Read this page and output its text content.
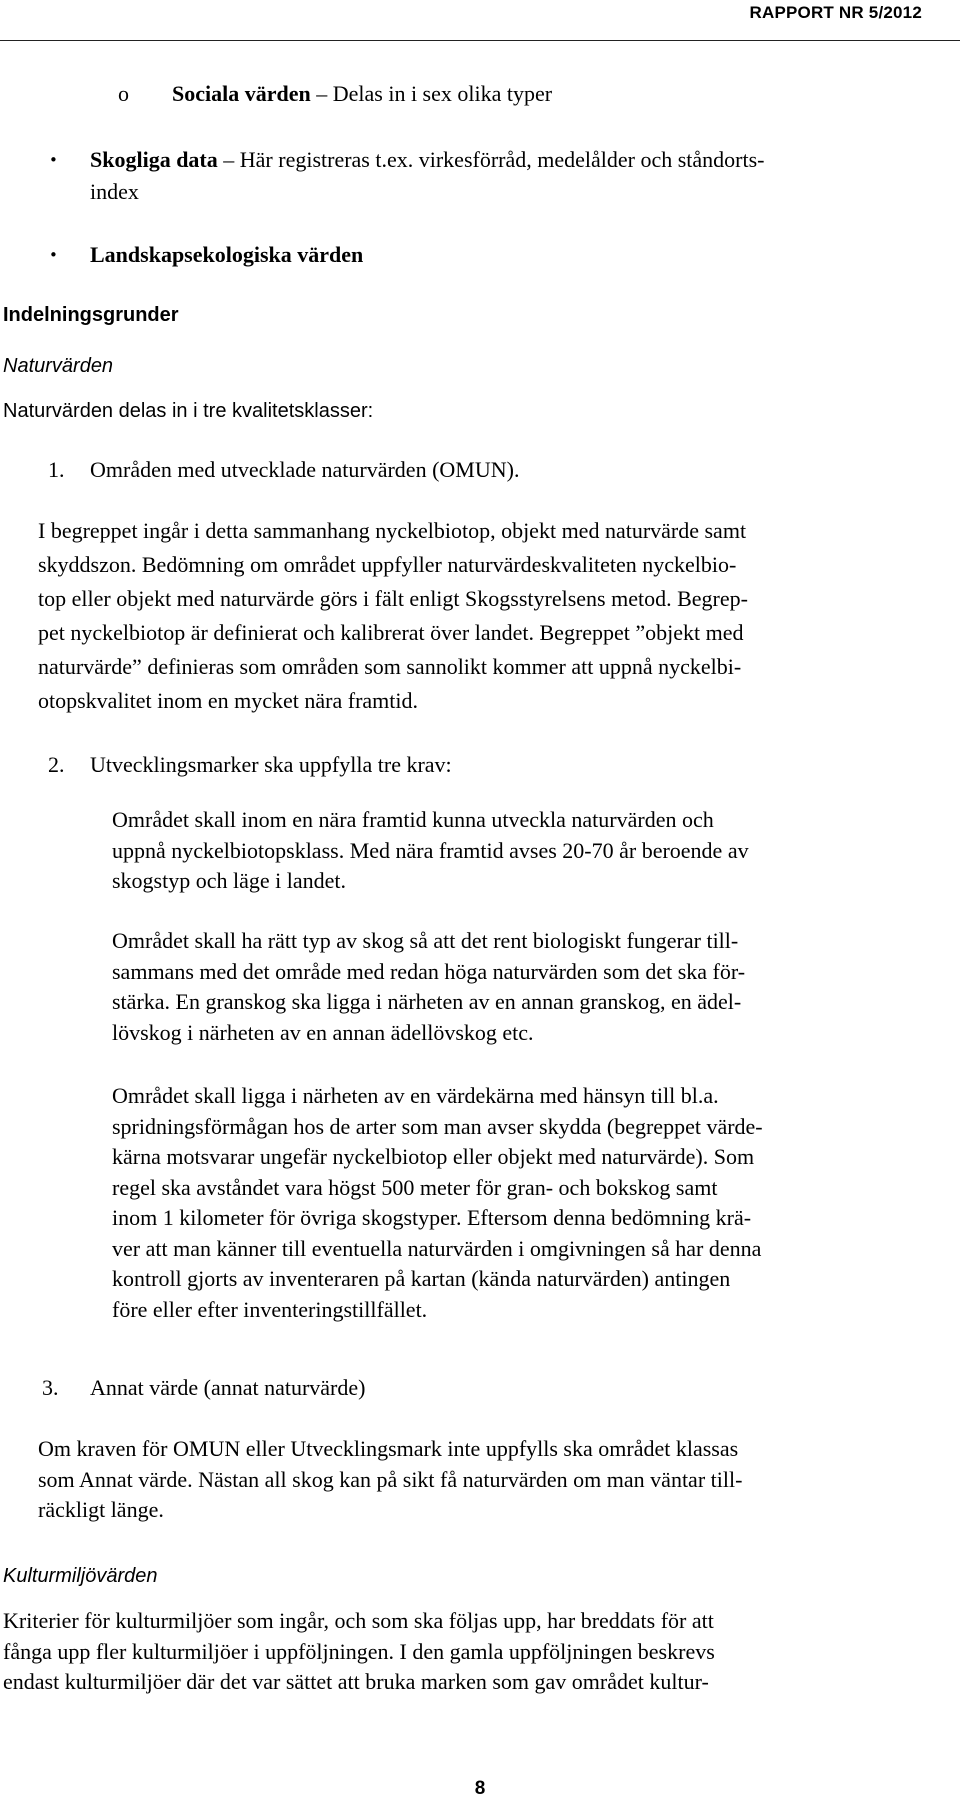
RAPPORT NR 5/2012
o Sociala värden – Delas in i sex olika typer
• Skogliga data – Här registreras t.ex. virkesförråd, medelålder och ståndorts-
index
• Landskapsekologiska värden
Indelningsgrunder
Naturvärden
Naturvärden delas in i tre kvalitetsklasser:
1. Områden med utvecklade naturvärden (OMUN).
I begreppet ingår i detta sammanhang nyckelbiotop, objekt med naturvärde samt
skyddszon. Bedömning om området uppfyller naturvärdeskvaliteten nyckelbio-
top eller objekt med naturvärde görs i fält enligt Skogsstyrelsens metod. Begrep-
pet nyckelbiotop är definierat och kalibrerat över landet. Begreppet ”objekt med
naturvärde” definieras som områden som sannolikt kommer att uppnå nyckelbi-
otopskvalitet inom en mycket nära framtid.
2. Utvecklingsmarker ska uppfylla tre krav:
Området skall inom en nära framtid kunna utveckla naturvärden och
uppnå nyckelbiotopsklass. Med nära framtid avses 20-70 år beroende av
skogstyp och läge i landet.
Området skall ha rätt typ av skog så att det rent biologiskt fungerar till-
sammans med det område med redan höga naturvärden som det ska för-
stärka. En granskog ska ligga i närheten av en annan granskog, en ädel-
lövskog i närheten av en annan ädellövskog etc.
Området skall ligga i närheten av en värdekärna med hänsyn till bl.a.
spridningsförmågan hos de arter som man avser skydda (begreppet värde-
kärna motsvarar ungefär nyckelbiotop eller objekt med naturvärde). Som
regel ska avståndet vara högst 500 meter för gran- och bokskog samt
inom 1 kilometer för övriga skogstyper. Eftersom denna bedömning krä-
ver att man känner till eventuella naturvärden i omgivningen så har denna
kontroll gjorts av inventeraren på kartan (kända naturvärden) antingen
före eller efter inventeringstillfället.
3. Annat värde (annat naturvärde)
Om kraven för OMUN eller Utvecklingsmark inte uppfylls ska området klassas
som Annat värde. Nästan all skog kan på sikt få naturvärden om man väntar till-
räckligt länge.
Kulturmiljövärden
Kriterier för kulturmiljöer som ingår, och som ska följas upp, har breddats för att
fånga upp fler kulturmiljöer i uppföljningen. I den gamla uppföljningen beskrevs
endast kulturmiljöer där det var sättet att bruka marken som gav området kultur-
8
